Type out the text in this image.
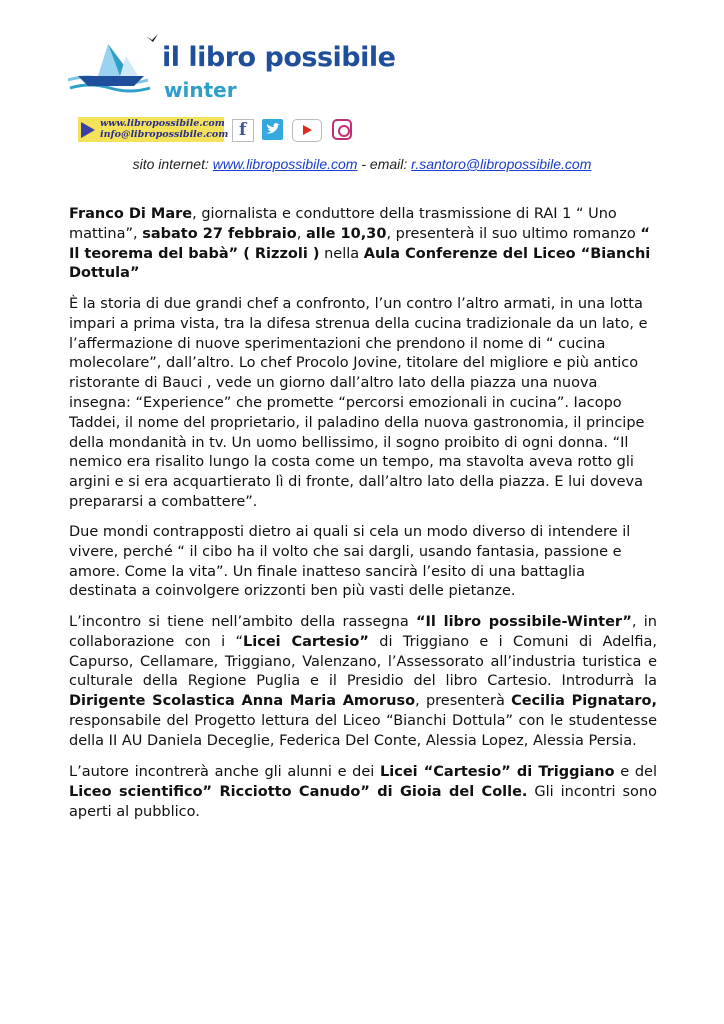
il libro possibile
winter
www.libropossibile.com
info@libropossibile.com f
sito internet: www.libropossibile.com - email: r.santoro@libropossibile.com

Franco Di Mare, giornalista e conduttore della trasmissione di RAI 1 “ Uno mattina”, sabato 27 febbraio, alle 10,30, presenterà il suo ultimo romanzo “ Il teorema del babà” ( Rizzoli ) nella Aula Conferenze del Liceo “Bianchi Dottula”

È la storia di due grandi chef a confronto, l’un contro l’altro armati, in una lotta impari a prima vista, tra la difesa strenua della cucina tradizionale da un lato, e l’affermazione di nuove sperimentazioni che prendono il nome di “ cucina molecolare”, dall’altro. Lo chef Procolo Jovine, titolare del migliore e più antico ristorante di Bauci , vede un giorno dall’altro lato della piazza una nuova insegna: “Experience” che promette “percorsi emozionali in cucina”. Iacopo Taddei, il nome del proprietario, il paladino della nuova gastronomia, il principe della mondanità in tv. Un uomo bellissimo, il sogno proibito di ogni donna. “Il nemico era risalito lungo la costa come un tempo, ma stavolta aveva rotto gli argini e si era acquartierato lì di fronte, dall’altro lato della piazza. E lui doveva prepararsi a combattere”.

Due mondi contrapposti dietro ai quali si cela un modo diverso di intendere il vivere, perché “ il cibo ha il volto che sai dargli, usando fantasia, passione e amore. Come la vita”. Un finale inatteso sancirà l’esito di una battaglia destinata a coinvolgere orizzonti ben più vasti delle pietanze.

L’incontro si tiene nell’ambito della rassegna “Il libro possibile-Winter”, in collaborazione con i “Licei Cartesio” di Triggiano e i Comuni di Adelfia, Capurso, Cellamare, Triggiano, Valenzano, l’Assessorato all’industria turistica e culturale della Regione Puglia e il Presidio del libro Cartesio. Introdurrà la Dirigente Scolastica Anna Maria Amoruso, presenterà Cecilia Pignataro, responsabile del Progetto lettura del Liceo “Bianchi Dottula” con le studentesse della II AU Daniela Deceglie, Federica Del Conte, Alessia Lopez, Alessia Persia.

L’autore incontrerà anche gli alunni e dei Licei “Cartesio” di Triggiano e del Liceo scientifico” Ricciotto Canudo” di Gioia del Colle. Gli incontri sono aperti al pubblico.
